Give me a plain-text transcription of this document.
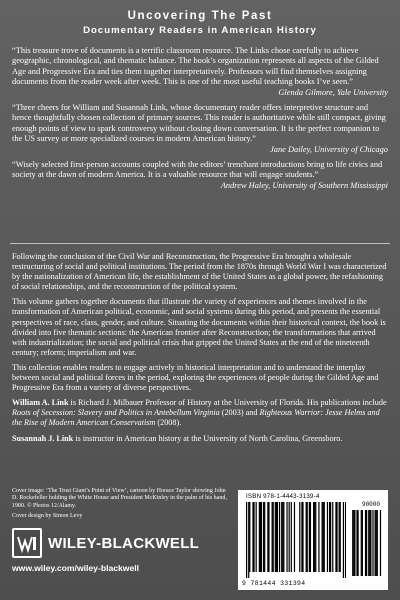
Uncovering The Past
Documentary Readers in American History
“This treasure trove of documents is a terrific classroom resource. The Links chose carefully to achieve geographic, chronological, and thematic balance. The book’s organization represents all aspects of the Gilded Age and Progressive Era and ties them together interpretatively. Professors will find themselves assigning documents from the reader week after week. This is one of the most useful teaching books I’ve seen.”
Glenda Gilmore, Yale University
“Three cheers for William and Susannah Link, whose documentary reader offers interpretive structure and hence thoughtfully chosen collection of primary sources. This reader is authoritative while still compact, giving enough points of view to spark controversy without closing down conversation. It is the perfect companion to the US survey or more specialized courses in modern American history.”
Jane Dailey, University of Chicago
“Wisely selected first-person accounts coupled with the editors’ trenchant introductions bring to life civics and society at the dawn of modern America. It is a valuable resource that will engage students.”
Andrew Haley, University of Southern Mississippi

Following the conclusion of the Civil War and Reconstruction, the Progressive Era brought a wholesale restructuring of social and political institutions. The period from the 1870s through World War I was characterized by the nationalization of American life, the establishment of the United States as a global power, the refashioning of social relationships, and the reconstruction of the political system.

This volume gathers together documents that illustrate the variety of experiences and themes involved in the transformation of American political, economic, and social systems during this period, and presents the essential perspectives of race, class, gender, and culture. Situating the documents within their historical context, the book is divided into five thematic sections: the American frontier after Reconstruction; the transformations that arrived with industrialization; the social and political crisis that gripped the United States at the end of the nineteenth century; reform; imperialism and war.

This collection enables readers to engage actively in historical interpretation and to understand the interplay between social and political forces in the period, exploring the experiences of people during the Gilded Age and Progressive Era from a variety of diverse perspectives.

William A. Link is Richard J. Milbauer Professor of History at the University of Florida. His publications include Roots of Secession: Slavery and Politics in Antebellum Virginia (2003) and Righteous Warrior: Jesse Helms and the Rise of Modern American Conservatism (2008).

Susannah J. Link is instructor in American history at the University of North Carolina, Greensboro.

Cover image: ‘The Trust Giant’s Point of View’, cartoon by Horace Taylor showing John D. Rockefeller holding the White House and President McKinley in the palm of his hand, 1900. © Photos 12/Alamy.

Cover design by Simon Levy

WILEY-BLACKWELL
www.wiley.com/wiley-blackwell
ISBN 978-1-4443-3139-4
90000
9 781444 331394
